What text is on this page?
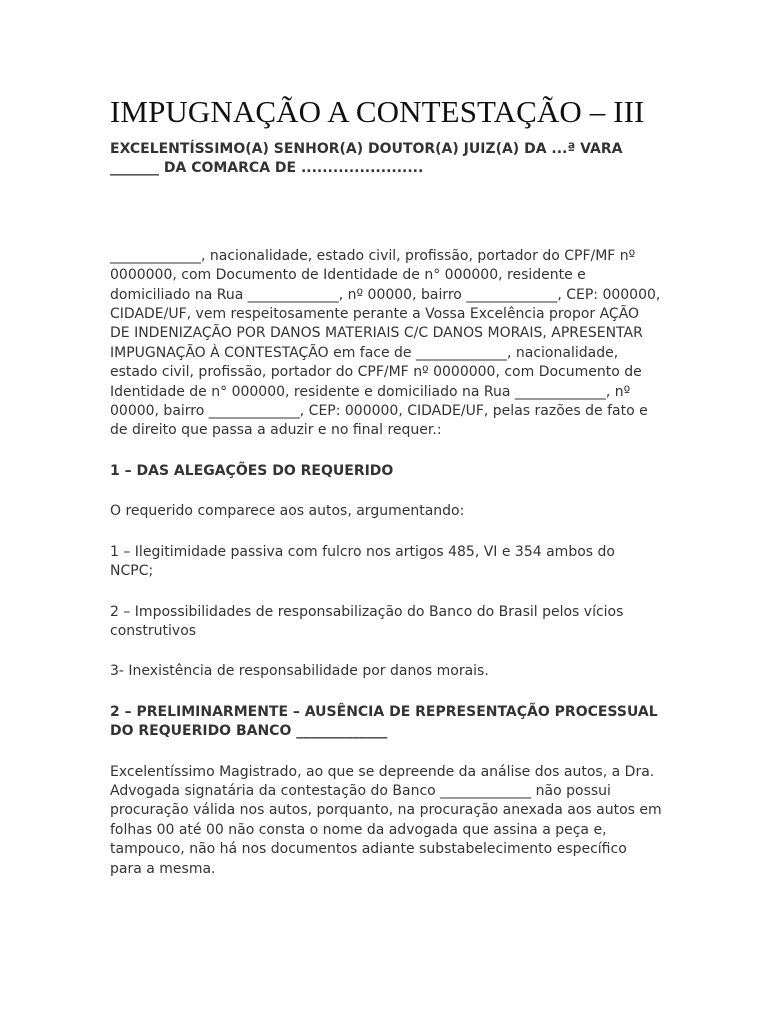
IMPUGNAÇÃO A CONTESTAÇÃO – III

EXCELENTÍSSIMO(A) SENHOR(A) DOUTOR(A) JUIZ(A) DA ...ª VARA _______ DA COMARCA DE .......................

_____________, nacionalidade, estado civil, profissão, portador do CPF/MF nº 0000000, com Documento de Identidade de n° 000000, residente e domiciliado na Rua _____________, nº 00000, bairro _____________, CEP: 000000, CIDADE/UF, vem respeitosamente perante a Vossa Excelência propor AÇÃO DE INDENIZAÇÃO POR DANOS MATERIAIS C/C DANOS MORAIS, APRESENTAR IMPUGNAÇÃO À CONTESTAÇÃO em face de _____________, nacionalidade, estado civil, profissão, portador do CPF/MF nº 0000000, com Documento de Identidade de n° 000000, residente e domiciliado na Rua _____________, nº 00000, bairro _____________, CEP: 000000, CIDADE/UF, pelas razões de fato e de direito que passa a aduzir e no final requer.:

1 – DAS ALEGAÇÕES DO REQUERIDO

O requerido comparece aos autos, argumentando:

1 – Ilegitimidade passiva com fulcro nos artigos 485, VI e 354 ambos do NCPC;

2 – Impossibilidades de responsabilização do Banco do Brasil pelos vícios construtivos

3- Inexistência de responsabilidade por danos morais.

2 – PRELIMINARMENTE – AUSÊNCIA DE REPRESENTAÇÃO PROCESSUAL DO REQUERIDO BANCO _____________

Excelentíssimo Magistrado, ao que se depreende da análise dos autos, a Dra. Advogada signatária da contestação do Banco _____________ não possui procuração válida nos autos, porquanto, na procuração anexada aos autos em folhas 00 até 00 não consta o nome da advogada que assina a peça e, tampouco, não há nos documentos adiante substabelecimento específico para a mesma.
